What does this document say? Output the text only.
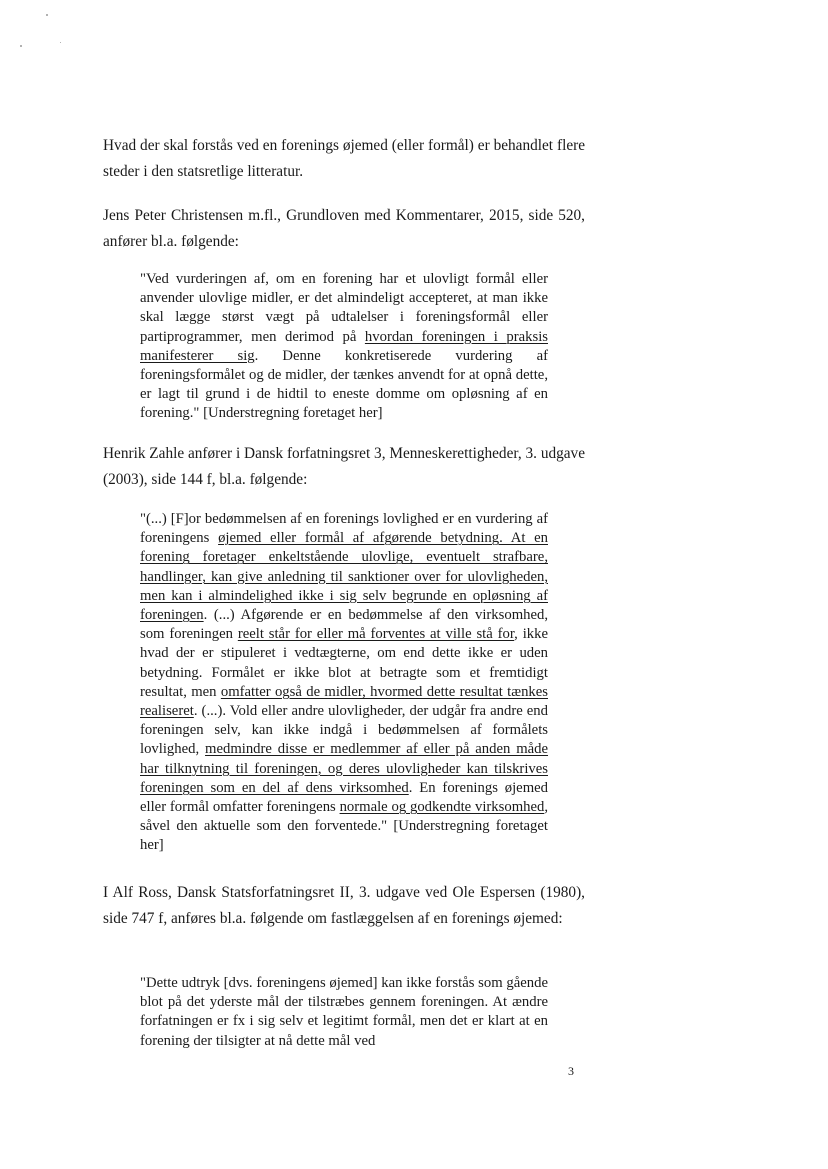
Hvad der skal forstås ved en forenings øjemed (eller formål) er behandlet flere steder i den statsretlige litteratur.

Jens Peter Christensen m.fl., Grundloven med Kommentarer, 2015, side 520, anfører bl.a. følgende:

"Ved vurderingen af, om en forening har et ulovligt formål eller anvender ulovlige midler, er det almindeligt accepteret, at man ikke skal lægge størst vægt på udtalelser i foreningsformål eller partiprogrammer, men derimod på hvordan foreningen i praksis manifesterer sig. Denne konkretiserede vurdering af foreningsformålet og de midler, der tænkes anvendt for at opnå dette, er lagt til grund i de hidtil to eneste domme om opløsning af en forening." [Understregning foretaget her]

Henrik Zahle anfører i Dansk forfatningsret 3, Menneskerettigheder, 3. udgave (2003), side 144 f, bl.a. følgende:

"(...) [F]or bedømmelsen af en forenings lovlighed er en vurdering af foreningens øjemed eller formål af afgørende betydning. At en forening foretager enkeltstående ulovlige, eventuelt strafbare, handlinger, kan give anledning til sanktioner over for ulovligheden, men kan i almindelighed ikke i sig selv begrunde en opløsning af foreningen. (...) Afgørende er en bedømmelse af den virksomhed, som foreningen reelt står for eller må forventes at ville stå for, ikke hvad der er stipuleret i vedtægterne, om end dette ikke er uden betydning. Formålet er ikke blot at betragte som et fremtidigt resultat, men omfatter også de midler, hvormed dette resultat tænkes realiseret. (...). Vold eller andre ulovligheder, der udgår fra andre end foreningen selv, kan ikke indgå i bedømmelsen af formålets lovlighed, medmindre disse er medlemmer af eller på anden måde har tilknytning til foreningen, og deres ulovligheder kan tilskrives foreningen som en del af dens virksomhed. En forenings øjemed eller formål omfatter foreningens normale og godkendte virksomhed, såvel den aktuelle som den forventede." [Understregning foretaget her]

I Alf Ross, Dansk Statsforfatningsret II, 3. udgave ved Ole Espersen (1980), side 747 f, anføres bl.a. følgende om fastlæggelsen af en forenings øjemed:

"Dette udtryk [dvs. foreningens øjemed] kan ikke forstås som gående blot på det yderste mål der tilstræbes gennem foreningen. At ændre forfatningen er fx i sig selv et legitimt formål, men det er klart at en forening der tilsigter at nå dette mål ved

3
